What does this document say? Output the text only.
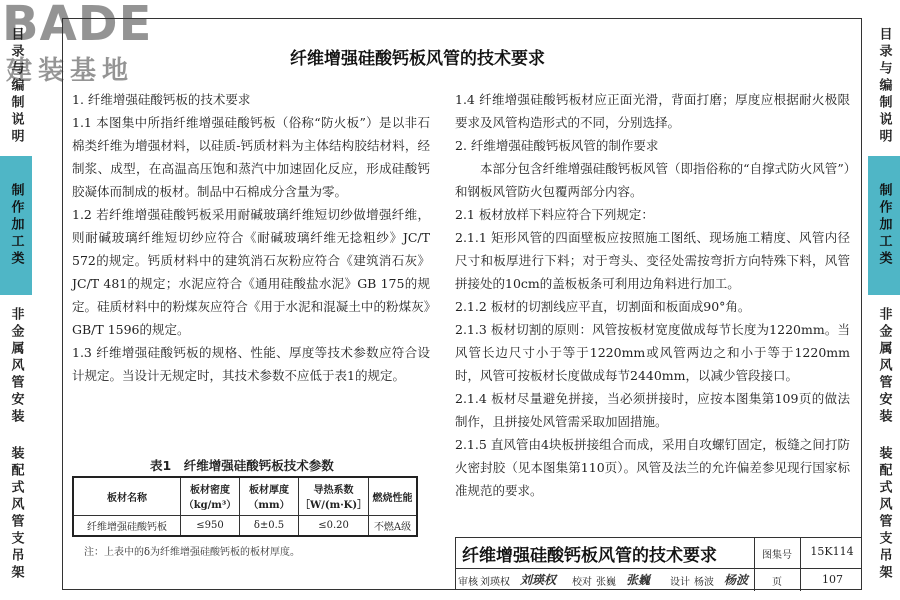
BADE
建装基地
目录与编制说明
制作加工类
非金属风管安装
装配式风管支吊架
目录与编制说明
制作加工类
非金属风管安装
装配式风管支吊架
纤维增强硅酸钙板风管的技术要求

1. 纤维增强硅酸钙板的技术要求

1.1 本图集中所指纤维增强硅酸钙板（俗称“防火板”）是以非石棉类纤维为增强材料，以硅质-钙质材料为主体结构胶结材料，经制浆、成型，在高温高压饱和蒸汽中加速固化反应，形成硅酸钙胶凝体而制成的板材。制品中石棉成分含量为零。

1.2 若纤维增强硅酸钙板采用耐碱玻璃纤维短切纱做增强纤维，则耐碱玻璃纤维短切纱应符合《耐碱玻璃纤维无捻粗纱》JC/T 572的规定。钙质材料中的建筑消石灰粉应符合《建筑消石灰》JC/T 481的规定；水泥应符合《通用硅酸盐水泥》GB 175的规定。硅质材料中的粉煤灰应符合《用于水泥和混凝土中的粉煤灰》GB/T 1596的规定。

1.3 纤维增强硅酸钙板的规格、性能、厚度等技术参数应符合设计规定。当设计无规定时，其技术参数不应低于表1的规定。

表1　纤维增强硅酸钙板技术参数
板材名称	板材密度（kg/m³）	板材厚度（mm）	导热系数［W/(m·K)］	燃烧性能
纤维增强硅酸钙板	≤950	δ±0.5	≤0.20	不燃A级
注：上表中的δ为纤维增强硅酸钙板的板材厚度。

1.4 纤维增强硅酸钙板材应正面光滑，背面打磨；厚度应根据耐火极限要求及风管构造形式的不同，分别选择。

2. 纤维增强硅酸钙板风管的制作要求

本部分包含纤维增强硅酸钙板风管（即指俗称的“自撑式防火风管”）和钢板风管防火包覆两部分内容。

2.1 板材放样下料应符合下列规定：

2.1.1 矩形风管的四面壁板应按照施工图纸、现场施工精度、风管内径尺寸和板厚进行下料；对于弯头、变径处需按弯折方向特殊下料，风管拼接处的10cm的盖板板条可利用边角料进行加工。

2.1.2 板材的切割线应平直，切割面和板面成90°角。

2.1.3 板材切割的原则：风管按板材宽度做成每节长度为1220mm。当风管长边尺寸小于等于1220mm或风管两边之和小于等于1220mm时，风管可按板材长度做成每节2440mm，以减少管段接口。

2.1.4 板材尽量避免拼接，当必须拼接时，应按本图集第109页的做法制作，且拼接处风管需采取加固措施。

2.1.5 直风管由4块板拼接组合而成，采用自攻螺钉固定，板缝之间打防火密封胶（见本图集第110页）。风管及法兰的允许偏差参见现行国家标准规范的要求。

纤维增强硅酸钙板风管的技术要求	图集号	15K114
审核 刘瑛权 刘瑛权 校对 张巍 张巍 设计 杨波 杨波 页	107
